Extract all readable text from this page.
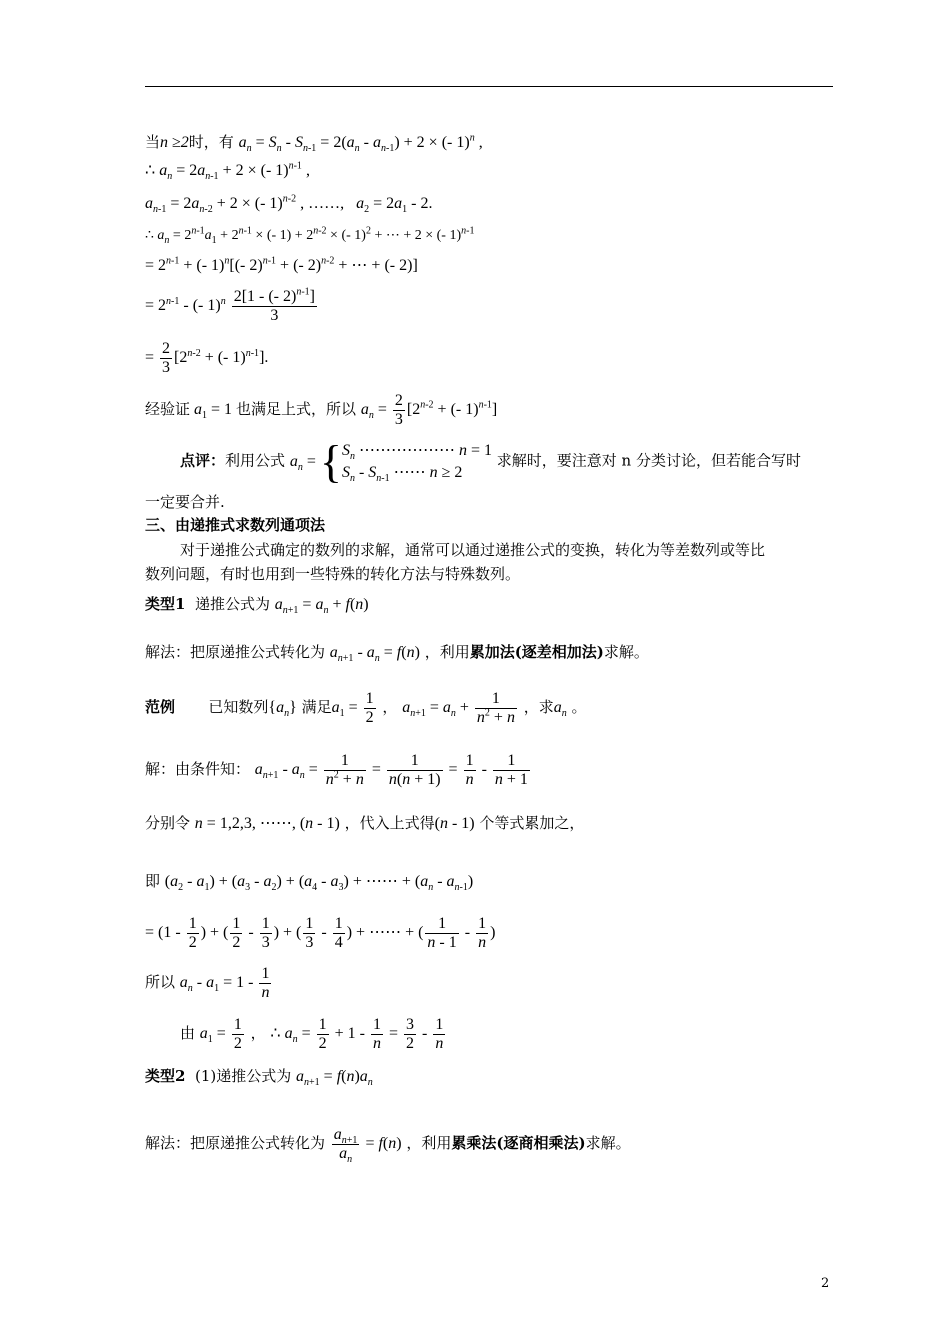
当n ≥2时，有 $a_n = S_n - S_{n-1} = 2(a_n - a_{n-1}) + 2$ × (- 1)$^n$ ,
∴ $a_n = 2a_{n-1} + 2$ × (- 1)$^{n-1}$ ,
$a_{n-1} = 2a_{n-2} + 2$ × (- 1)$^{n-2}$ , ……, $a_2 = 2a_1 - 2$.
∴ $a_n = 2^{n-1}a_1 + 2^{n-1}$ × (- $1) + 2^{n-2}$ × (- 1)$^2$ + ⋯ + 2 × (- 1)$^{n-1}$
= $2^{n-1}$ + (- 1)$^n$[(- 2)$^{n-1}$ + (- 2)$^{n-2}$ + ⋯ + (- 2)]
= $2^{n-1}$ - (- $1)^n \frac{2[1 - (- 2)^{n-1}]}{3}$
= $\frac{2}{3} [2^{n-2}$ + (- 1)$^{n-1}$].
经验证 $a_1 = 1$ 也满足上式，所以 $a_n = \frac{2}{3} [2^{n-2}$ + (- 1)$^{n-1}$]
点评：利用公式 $a_n$ = { $S_n$ ⋯⋯⋯⋯⋯⋯ n = 1
$S_n - S_{n-1}$ ⋯⋯ n ≥ 2
求解时，要注意对 n 分类讨论，但若能合写时
一定要合并.
三、由递推式求数列通项法
对于递推公式确定的数列的求解，通常可以通过递推公式的变换，转化为等差数列或等比
数列问题，有时也用到一些特殊的转化方法与特殊数列。
类型1 递推公式为 $a_{n+1} = a_n + f(n)$
解法：把原递推公式转化为 $a_{n+1} - a_n = f(n)$ ，利用累加法(逐差相加法)求解。
范例 已知数列$\{a_n\}$ 满足$a_1 = \frac{1}{2}$ ， $a_{n+1} = a_n + \frac{1}{n^2 + n}$ ，求$a_n$ 。
解：由条件知： $a_{n+1} - a_n = \frac{1}{n^2 + n} = \frac{1}{n(n + 1)} = \frac{1}{n} - \frac{1}{n + 1}$
分别令 n = 1,2,3, ⋯⋯, (n - 1) ，代入上式得(n - 1) 个等式累加之，
即 $(a_2 - a_1) + (a_3 - a_2) + (a_4 - a_3)$ + ⋯⋯ + $(a_n - a_{n-1})$
= ($1 - \frac{1}{2}$ ) + ( $\frac{1}{2} - \frac{1}{3}$ ) + ( $\frac{1}{3} - \frac{1}{4}$ ) + ⋯⋯ + ( $\frac{1}{n - 1} - \frac{1}{n}$ )
所以 $a_n - a_1 = 1 - \frac{1}{n}$
由 $a_1 = \frac{1}{2}$ ， ∴ $a_n = \frac{1}{2} + 1 - \frac{1}{n} = \frac{3}{2} - \frac{1}{n}$
类型2 (1)递推公式为 $a_{n+1} = f(n)a_n$
解法：把原递推公式转化为 $\frac{a_{n+1}}{a_n} = f(n)$ ，利用累乘法(逐商相乘法)求解。
2
